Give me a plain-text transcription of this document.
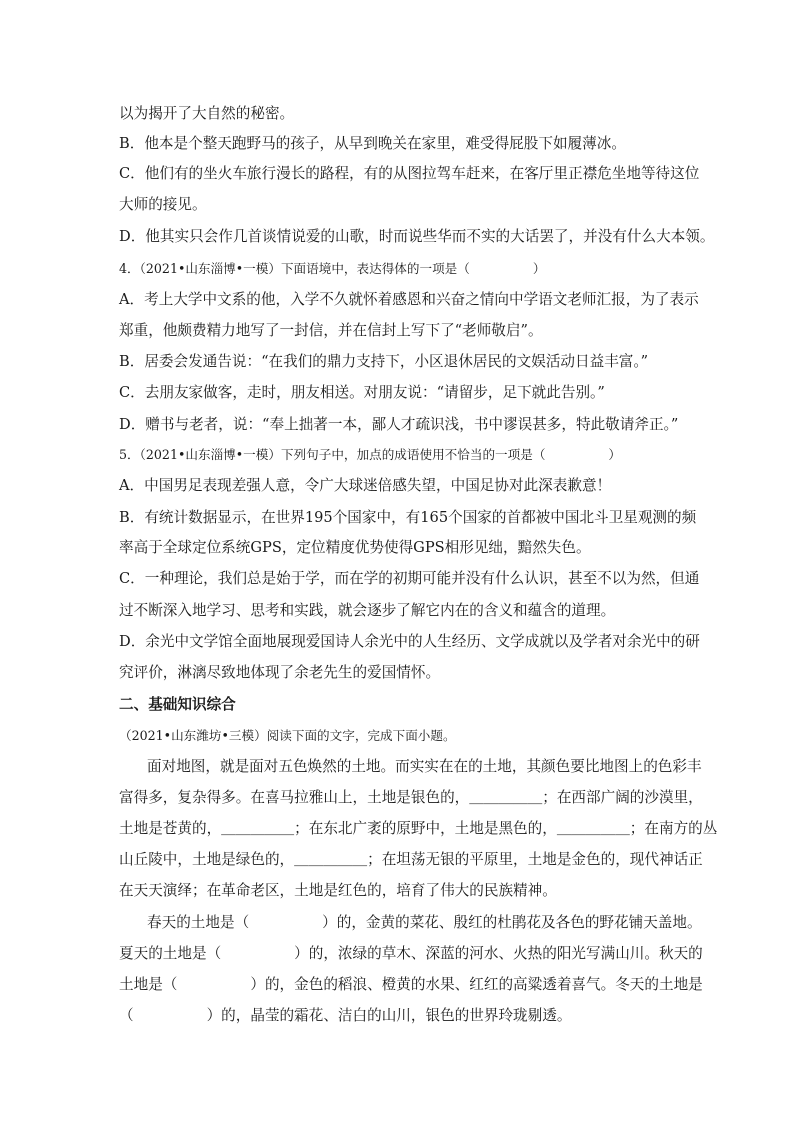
以为揭开了大自然的秘密。
B．他本是个整天跑野马的孩子，从早到晚关在家里，难受得屁股下如履薄冰。
C．他们有的坐火车旅行漫长的路程，有的从图拉驾车赶来，在客厅里正襟危坐地等待这位
大师的接见。
D．他其实只会作几首谈情说爱的山歌，时而说些华而不实的大话罢了，并没有什么大本领。
4．（2021•山东淄博•一模）下面语境中，表达得体的一项是（　　　　　）
A．考上大学中文系的他，入学不久就怀着感恩和兴奋之情向中学语文老师汇报，为了表示
郑重，他颇费精力地写了一封信，并在信封上写下了“老师敬启”。
B．居委会发通告说：“在我们的鼎力支持下，小区退休居民的文娱活动日益丰富。”
C．去朋友家做客，走时，朋友相送。对朋友说：“请留步，足下就此告别。”
D．赠书与老者，说：“奉上拙著一本，鄙人才疏识浅，书中谬误甚多，特此敬请斧正。”
5．（2021•山东淄博•一模）下列句子中，加点的成语使用不恰当的一项是（　　　　　）
A．中国男足表现差强人意，令广大球迷倍感失望，中国足协对此深表歉意！
B．有统计数据显示，在世界195个国家中，有165个国家的首都被中国北斗卫星观测的频
率高于全球定位系统GPS，定位精度优势使得GPS相形见绌，黯然失色。
C．一种理论，我们总是始于学，而在学的初期可能并没有什么认识，甚至不以为然，但通
过不断深入地学习、思考和实践，就会逐步了解它内在的含义和蕴含的道理。
D．余光中文学馆全面地展现爱国诗人余光中的人生经历、文学成就以及学者对余光中的研
究评价，淋漓尽致地体现了余老先生的爱国情怀。
二、基础知识综合
（2021•山东潍坊•三模）阅读下面的文字，完成下面小题。
面对地图，就是面对五色焕然的土地。而实实在在的土地，其颜色要比地图上的色彩丰
富得多，复杂得多。在喜马拉雅山上，土地是银色的，＿＿＿＿＿；在西部广阔的沙漠里，
土地是苍黄的，＿＿＿＿＿；在东北广袤的原野中，土地是黑色的，＿＿＿＿＿；在南方的丛
山丘陵中，土地是绿色的，＿＿＿＿＿；在坦荡无银的平原里，土地是金色的，现代神话正
在天天演绎；在革命老区，土地是红色的，培育了伟大的民族精神。
春天的土地是（　　　　　）的，金黄的菜花、殷红的杜鹃花及各色的野花铺天盖地。
夏天的土地是（　　　　　）的，浓绿的草木、深蓝的河水、火热的阳光写满山川。秋天的
土地是（　　　　　）的，金色的稻浪、橙黄的水果、红红的高粱透着喜气。冬天的土地是
（　　　　　）的，晶莹的霜花、洁白的山川，银色的世界玲珑剔透。
